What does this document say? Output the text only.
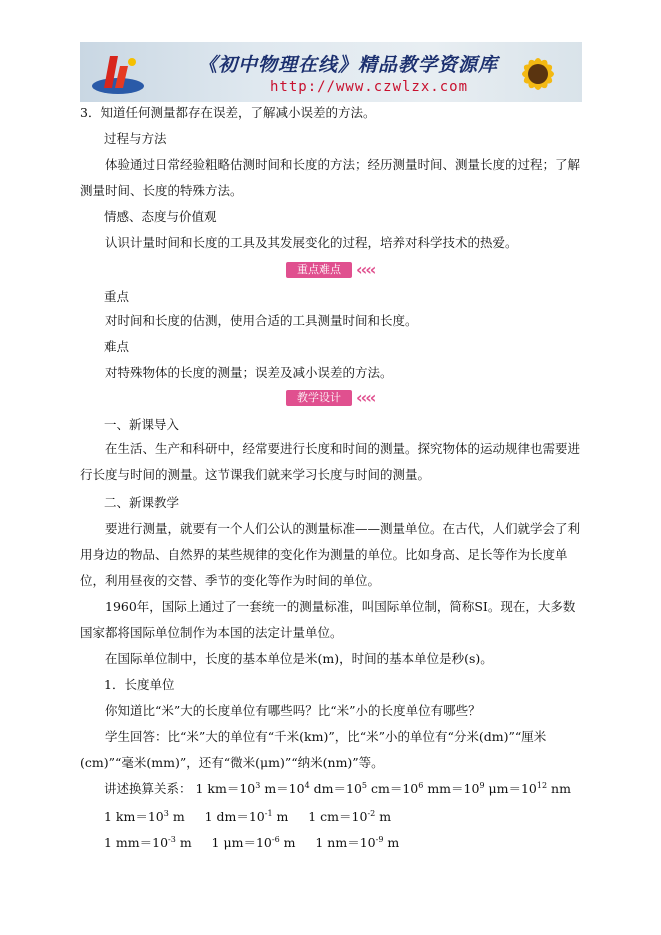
《初中物理在线》精品教学资源库
http://www.czwlzx.com
3．知道任何测量都存在误差，了解减小误差的方法。
过程与方法
体验通过日常经验粗略估测时间和长度的方法；经历测量时间、测量长度的过程；了解测量时间、长度的特殊方法。
情感、态度与价值观
认识计量时间和长度的工具及其发展变化的过程，培养对科学技术的热爱。
重点难点 ‹‹‹‹
重点
对时间和长度的估测，使用合适的工具测量时间和长度。
难点
对特殊物体的长度的测量；误差及减小误差的方法。
教学设计 ‹‹‹‹
一、新课导入
在生活、生产和科研中，经常要进行长度和时间的测量。探究物体的运动规律也需要进行长度与时间的测量。这节课我们就来学习长度与时间的测量。
二、新课教学
要进行测量，就要有一个人们公认的测量标准——测量单位。在古代，人们就学会了利用身边的物品、自然界的某些规律的变化作为测量的单位。比如身高、足长等作为长度单位，利用昼夜的交替、季节的变化等作为时间的单位。
1960年，国际上通过了一套统一的测量标准，叫国际单位制，简称SI。现在，大多数国家都将国际单位制作为本国的法定计量单位。
在国际单位制中，长度的基本单位是米(m)，时间的基本单位是秒(s)。
1．长度单位
你知道比“米”大的长度单位有哪些吗？比“米”小的长度单位有哪些？
学生回答：比“米”大的单位有“千米(km)”，比“米”小的单位有“分米(dm)”“厘米(cm)”“毫米(mm)”，还有“微米(μm)”“纳米(nm)”等。
讲述换算关系： 1 $km=10^3$ $m=10^4$ $dm=10^5$ $cm=10^6$ $mm=10^9$ $\mu m=10^{12}$ nm
1 $km=10^3$ m 1 $dm=10^{-1}$ m 1 $cm=10^{-2}$ m
1 $mm=10^{-3}$ m 1 $\mu m=10^{-6}$ m 1 $nm=10^{-9}$ m
